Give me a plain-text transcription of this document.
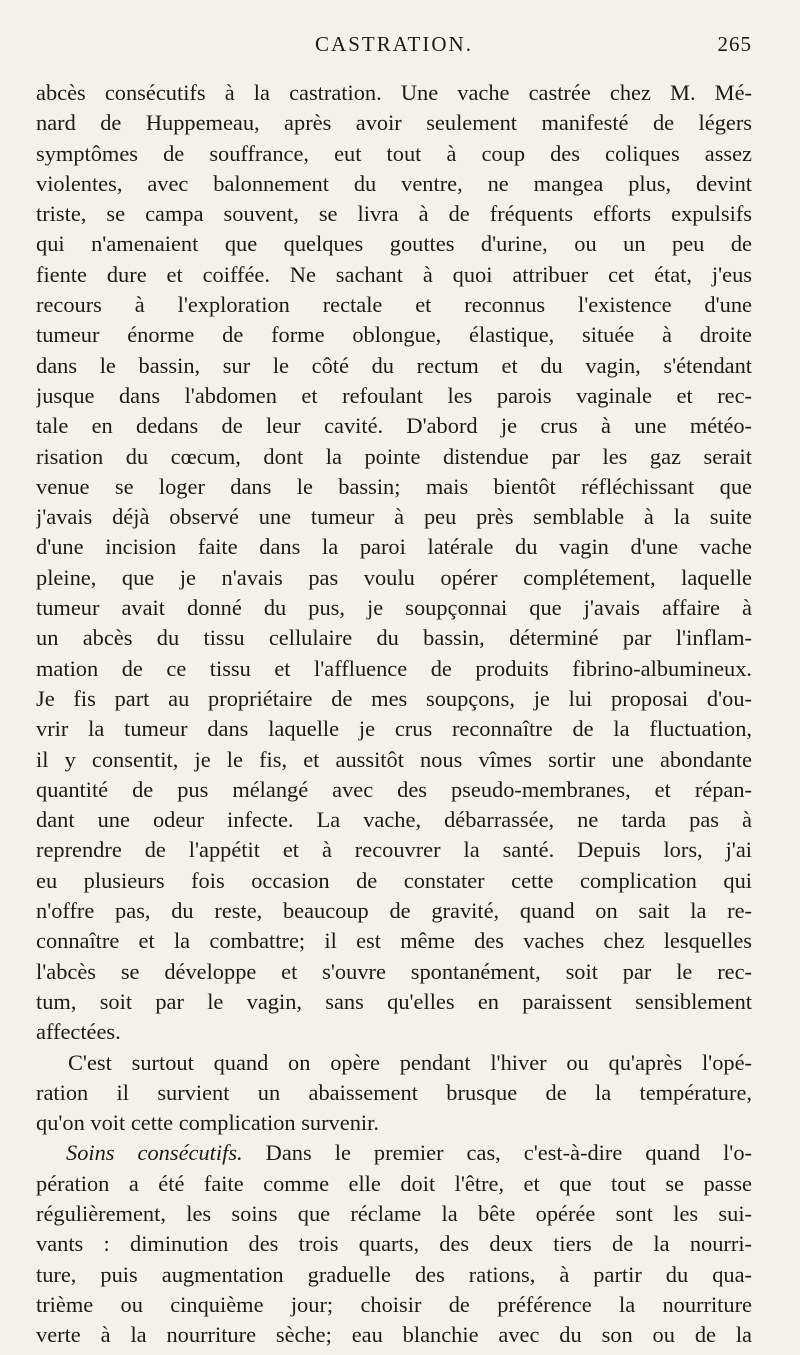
CASTRATION.	265
abcès consécutifs à la castration. Une vache castrée chez M. Mé-
nard de Huppemeau, après avoir seulement manifesté de légers
symptômes de souffrance, eut tout à coup des coliques assez
violentes, avec balonnement du ventre, ne mangea plus, devint
triste, se campa souvent, se livra à de fréquents efforts expulsifs
qui n'amenaient que quelques gouttes d'urine, ou un peu de
fiente dure et coiffée. Ne sachant à quoi attribuer cet état, j'eus
recours à l'exploration rectale et reconnus l'existence d'une
tumeur énorme de forme oblongue, élastique, située à droite
dans le bassin, sur le côté du rectum et du vagin, s'étendant
jusque dans l'abdomen et refoulant les parois vaginale et rec-
tale en dedans de leur cavité. D'abord je crus à une météo-
risation du cœcum, dont la pointe distendue par les gaz serait
venue se loger dans le bassin; mais bientôt réfléchissant que
j'avais déjà observé une tumeur à peu près semblable à la suite
d'une incision faite dans la paroi latérale du vagin d'une vache
pleine, que je n'avais pas voulu opérer complétement, laquelle
tumeur avait donné du pus, je soupçonnai que j'avais affaire à
un abcès du tissu cellulaire du bassin, déterminé par l'inflam-
mation de ce tissu et l'affluence de produits fibrino-albumineux.
Je fis part au propriétaire de mes soupçons, je lui proposai d'ou-
vrir la tumeur dans laquelle je crus reconnaître de la fluctuation,
il y consentit, je le fis, et aussitôt nous vîmes sortir une abondante
quantité de pus mélangé avec des pseudo-membranes, et répan-
dant une odeur infecte. La vache, débarrassée, ne tarda pas à
reprendre de l'appétit et à recouvrer la santé. Depuis lors, j'ai
eu plusieurs fois occasion de constater cette complication qui
n'offre pas, du reste, beaucoup de gravité, quand on sait la re-
connaître et la combattre; il est même des vaches chez lesquelles
l'abcès se développe et s'ouvre spontanément, soit par le rec-
tum, soit par le vagin, sans qu'elles en paraissent sensiblement
affectées.
C'est surtout quand on opère pendant l'hiver ou qu'après l'opé-
ration il survient un abaissement brusque de la température,
qu'on voit cette complication survenir.
Soins consécutifs. Dans le premier cas, c'est-à-dire quand l'o-
pération a été faite comme elle doit l'être, et que tout se passe
régulièrement, les soins que réclame la bête opérée sont les sui-
vants : diminution des trois quarts, des deux tiers de la nourri-
ture, puis augmentation graduelle des rations, à partir du qua-
trième ou cinquième jour; choisir de préférence la nourriture
verte à la nourriture sèche; eau blanchie avec du son ou de la
